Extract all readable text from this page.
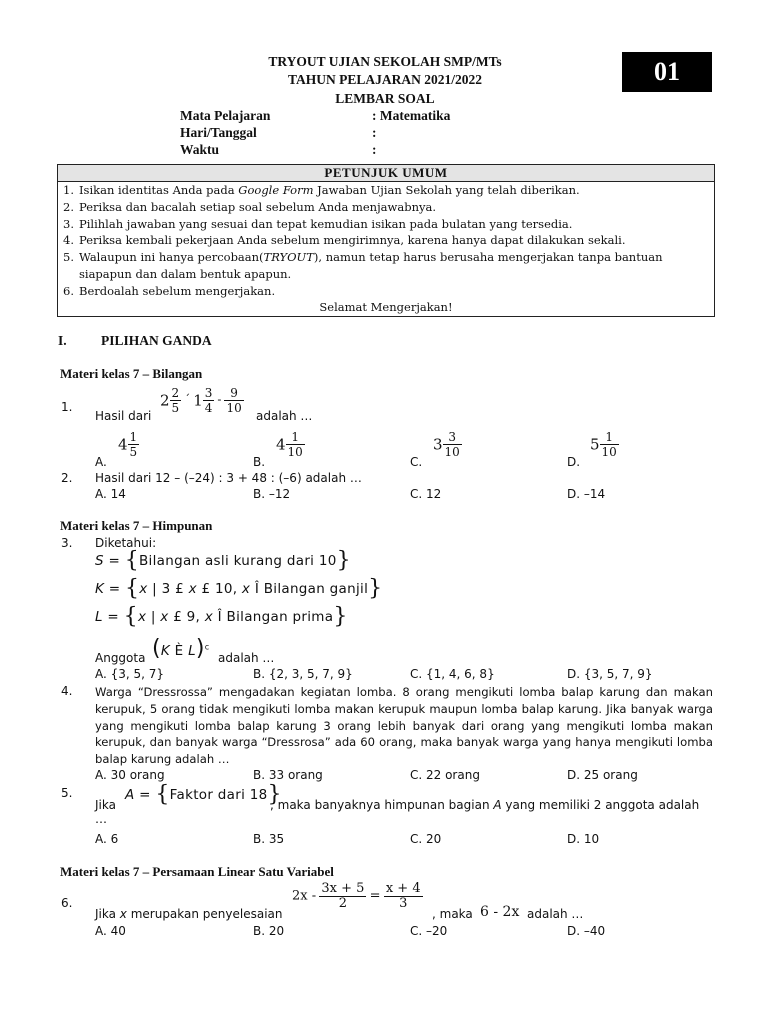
TRYOUT UJIAN SEKOLAH SMP/MTs
TAHUN PELAJARAN 2021/2022
LEMBAR SOAL
01
Mata Pelajaran	: Matematika
Hari/Tanggal	:
Waktu	:
PETUNJUK UMUM
1. Isikan identitas Anda pada Google Form Jawaban Ujian Sekolah yang telah diberikan.
2. Periksa dan bacalah setiap soal sebelum Anda menjawabnya.
3. Pilihlah jawaban yang sesuai dan tepat kemudian isikan pada bulatan yang tersedia.
4. Periksa kembali pekerjaan Anda sebelum mengirimnya, karena hanya dapat dilakukan sekali.
5. Walaupun ini hanya percobaan(TRYOUT), namun tetap harus berusaha mengerjakan tanpa bantuan siapapun dan dalam bentuk apapun.
6. Berdoalah sebelum mengerjakan.
Selamat Mengerjakan!
I.	PILIHAN GANDA
Materi kelas 7 – Bilangan
1.
Hasil dari
$2 \frac{2}{5}$ ´ $1 \frac{3}{4} - \frac{9}{10}$
adalah …
A.
$4 \frac{1}{5}$
B.
$4 \frac{1}{10}$
C.
$3 \frac{3}{10}$
D.
$5 \frac{1}{10}$
2. Hasil dari 12 – (–24) : 3 + 48 : (–6) adalah …
A. 14	B. –12	C. 12	D. –14
Materi kelas 7 – Himpunan
3. Diketahui:
S = {Bilangan asli kurang dari 10}
K = {x | 3 £ x £ 10, x Î Bilangan ganjil}
L = {x | x £ 9, x Î Bilangan prima}
Anggota (K È L)$^c$
adalah …
A. {3, 5, 7}	B. {2, 3, 5, 7, 9}	C. {1, 4, 6, 8}	D. {3, 5, 7, 9}
4. Warga “Dressrossa” mengadakan kegiatan lomba. 8 orang mengikuti lomba balap karung dan makan kerupuk, 5 orang tidak mengikuti lomba makan kerupuk maupun lomba balap karung. Jika banyak warga yang mengikuti lomba balap karung 3 orang lebih banyak dari orang yang mengikuti lomba makan kerupuk, dan banyak warga “Dressrosa” ada 60 orang, maka banyak warga yang hanya mengikuti lomba balap karung adalah …
A. 30 orang	B. 33 orang	C. 22 orang	D. 25 orang
5.
Jika
A = {Faktor dari 18}
, maka banyaknya himpunan bagian A yang memiliki 2 anggota adalah
…
A. 6	B. 35	C. 20	D. 10
Materi kelas 7 – Persamaan Linear Satu Variabel
6.
Jika x merupakan penyelesaian
$2x - \frac{3x + 5}{2} = \frac{x + 4}{3}$
, maka 6 - 2x adalah …
A. 40	B. 20	C. –20	D. –40
